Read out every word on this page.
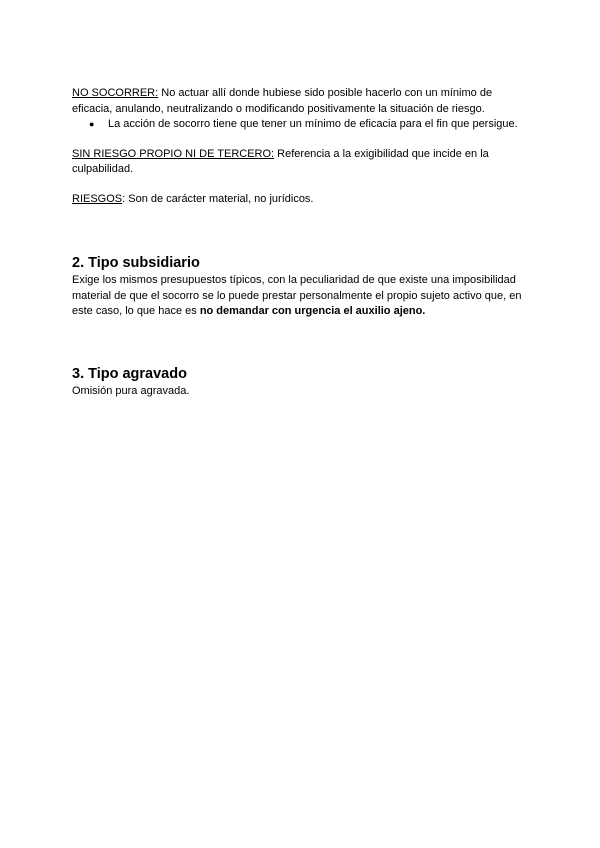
NO SOCORRER: No actuar allí donde hubiese sido posible hacerlo con un mínimo de eficacia, anulando, neutralizando o modificando positivamente la situación de riesgo.

● La acción de socorro tiene que tener un mínimo de eficacia para el fin que persigue.

SIN RIESGO PROPIO NI DE TERCERO: Referencia a la exigibilidad que incide en la culpabilidad.

RIESGOS: Son de carácter material, no jurídicos.

2. Tipo subsidiario

Exige los mismos presupuestos típicos, con la peculiaridad de que existe una imposibilidad material de que el socorro se lo puede prestar personalmente el propio sujeto activo que, en este caso, lo que hace es no demandar con urgencia el auxilio ajeno.

3. Tipo agravado

Omisión pura agravada.
